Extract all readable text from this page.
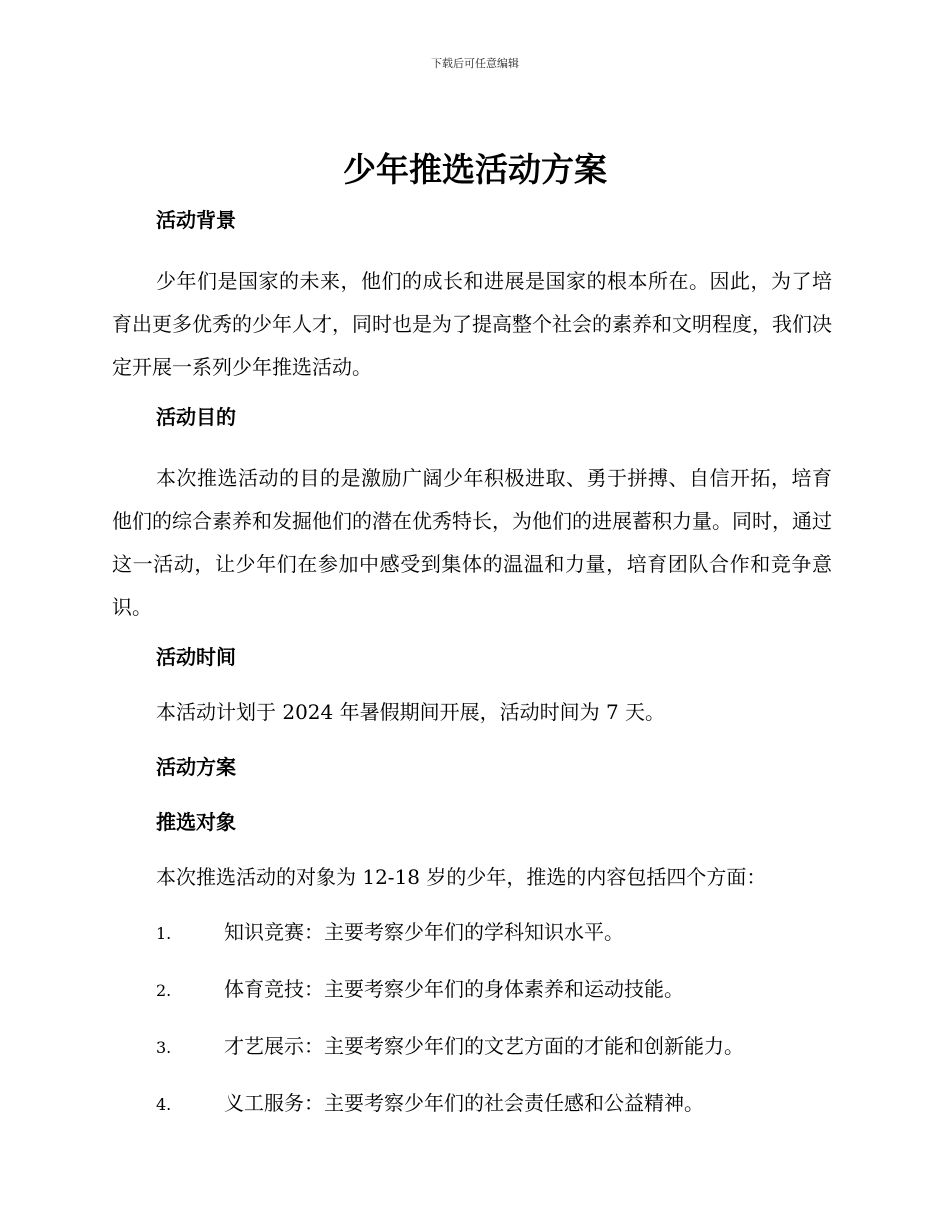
下载后可任意编辑
少年推选活动方案
活动背景

少年们是国家的未来，他们的成长和进展是国家的根本所在。因此，为了培育出更多优秀的少年人才，同时也是为了提高整个社会的素养和文明程度，我们决定开展一系列少年推选活动。

活动目的

本次推选活动的目的是激励广阔少年积极进取、勇于拼搏、自信开拓，培育他们的综合素养和发掘他们的潜在优秀特长，为他们的进展蓄积力量。同时，通过这一活动，让少年们在参加中感受到集体的温温和力量，培育团队合作和竞争意识。

活动时间
本活动计划于 2024 年暑假期间开展，活动时间为 7 天。
活动方案
推选对象
本次推选活动的对象为 12-18 岁的少年，推选的内容包括四个方面：
1.	知识竞赛：主要考察少年们的学科知识水平。
2.	体育竞技：主要考察少年们的身体素养和运动技能。
3.	才艺展示：主要考察少年们的文艺方面的才能和创新能力。
4.	义工服务：主要考察少年们的社会责任感和公益精神。
